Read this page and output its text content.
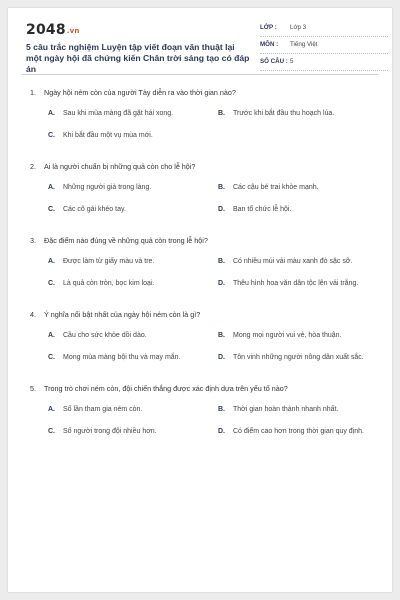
2048.vn
5 câu trắc nghiệm Luyện tập viết đoạn văn thuật lại một ngày hội đã chứng kiến Chân trời sáng tạo có đáp án
LỚP : Lớp 3
MÔN : Tiếng Việt
SỐ CÂU : 5
1. Ngày hội ném còn của người Tày diễn ra vào thời gian nào?
A. Sau khi mùa màng đã gặt hái xong.	B. Trước khi bắt đầu thu hoạch lúa.
C. Khi bắt đầu một vụ mùa mới.
2. Ai là người chuẩn bị những quả còn cho lễ hội?
A. Những người già trong làng.	B. Các cậu bé trai khỏe mạnh.
C. Các cô gái khéo tay.	D. Ban tổ chức lễ hội.
3. Đặc điểm nào đúng về những quả còn trong lễ hội?
A. Được làm từ giấy màu và tre.	B. Có nhiều múi vải màu xanh đỏ sặc sỡ.
C. Là quả còn tròn, bọc kim loại.	D. Thêu hình hoa văn dân tộc lên vải trắng.
4. Ý nghĩa nổi bật nhất của ngày hội ném còn là gì?
A. Cầu cho sức khỏe dồi dào.	B. Mong mọi người vui vẻ, hòa thuận.
C. Mong mùa màng bội thu và may mắn.	D. Tôn vinh những người nông dân xuất sắc.
5. Trong trò chơi ném còn, đội chiến thắng được xác định dựa trên yếu tố nào?
A. Số lần tham gia ném còn.	B. Thời gian hoàn thành nhanh nhất.
C. Số người trong đội nhiều hơn.	D. Có điểm cao hơn trong thời gian quy định.
